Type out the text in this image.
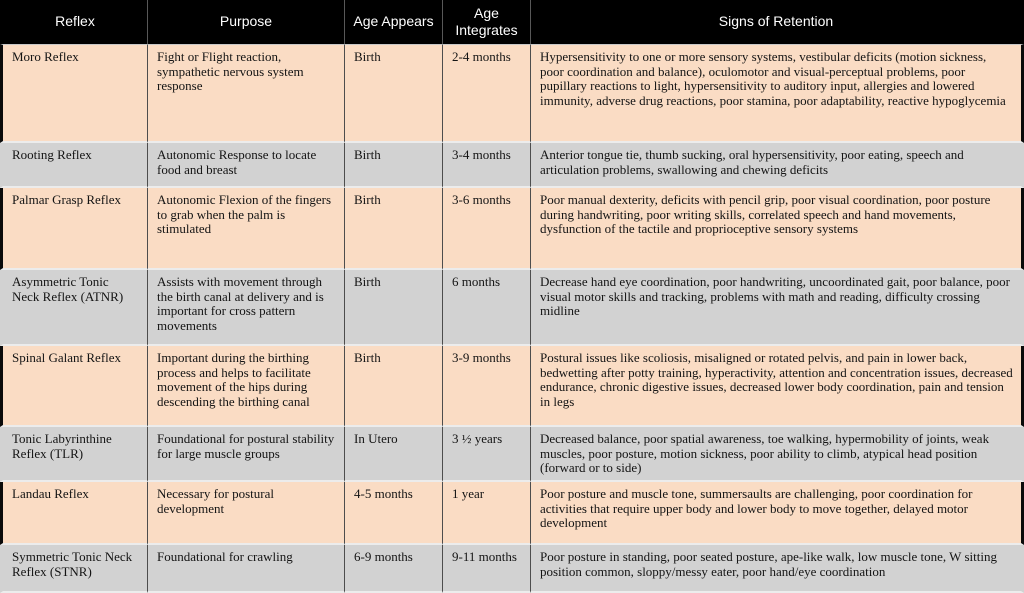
Reflex	Purpose	Age Appears	Age Integrates	Signs of Retention
Moro Reflex	Fight or Flight reaction, sympathetic nervous system response	Birth	2-4 months	Hypersensitivity to one or more sensory systems, vestibular deficits (motion sickness, poor coordination and balance), oculomotor and visual-perceptual problems, poor pupillary reactions to light, hypersensitivity to auditory input, allergies and lowered immunity, adverse drug reactions, poor stamina, poor adaptability, reactive hypoglycemia
Rooting Reflex	Autonomic Response to locate food and breast	Birth	3-4 months	Anterior tongue tie, thumb sucking, oral hypersensitivity, poor eating, speech and articulation problems, swallowing and chewing deficits
Palmar Grasp Reflex	Autonomic Flexion of the fingers to grab when the palm is stimulated	Birth	3-6 months	Poor manual dexterity, deficits with pencil grip, poor visual coordination, poor posture during handwriting, poor writing skills, correlated speech and hand movements, dysfunction of the tactile and proprioceptive sensory systems
Asymmetric Tonic Neck Reflex (ATNR)	Assists with movement through the birth canal at delivery and is important for cross pattern movements	Birth	6 months	Decrease hand eye coordination, poor handwriting, uncoordinated gait, poor balance, poor visual motor skills and tracking, problems with math and reading, difficulty crossing midline
Spinal Galant Reflex	Important during the birthing process and helps to facilitate movement of the hips during descending the birthing canal	Birth	3-9 months	Postural issues like scoliosis, misaligned or rotated pelvis, and pain in lower back, bedwetting after potty training, hyperactivity, attention and concentration issues, decreased endurance, chronic digestive issues, decreased lower body coordination, pain and tension in legs
Tonic Labyrinthine Reflex (TLR)	Foundational for postural stability for large muscle groups	In Utero	3 ½ years	Decreased balance, poor spatial awareness, toe walking, hypermobility of joints, weak muscles, poor posture, motion sickness, poor ability to climb, atypical head position (forward or to side)
Landau Reflex	Necessary for postural development	4-5 months	1 year	Poor posture and muscle tone, summersaults are challenging, poor coordination for activities that require upper body and lower body to move together, delayed motor development
Symmetric Tonic Neck Reflex (STNR)	Foundational for crawling	6-9 months	9-11 months	Poor posture in standing, poor seated posture, ape-like walk, low muscle tone, W sitting position common, sloppy/messy eater, poor hand/eye coordination
